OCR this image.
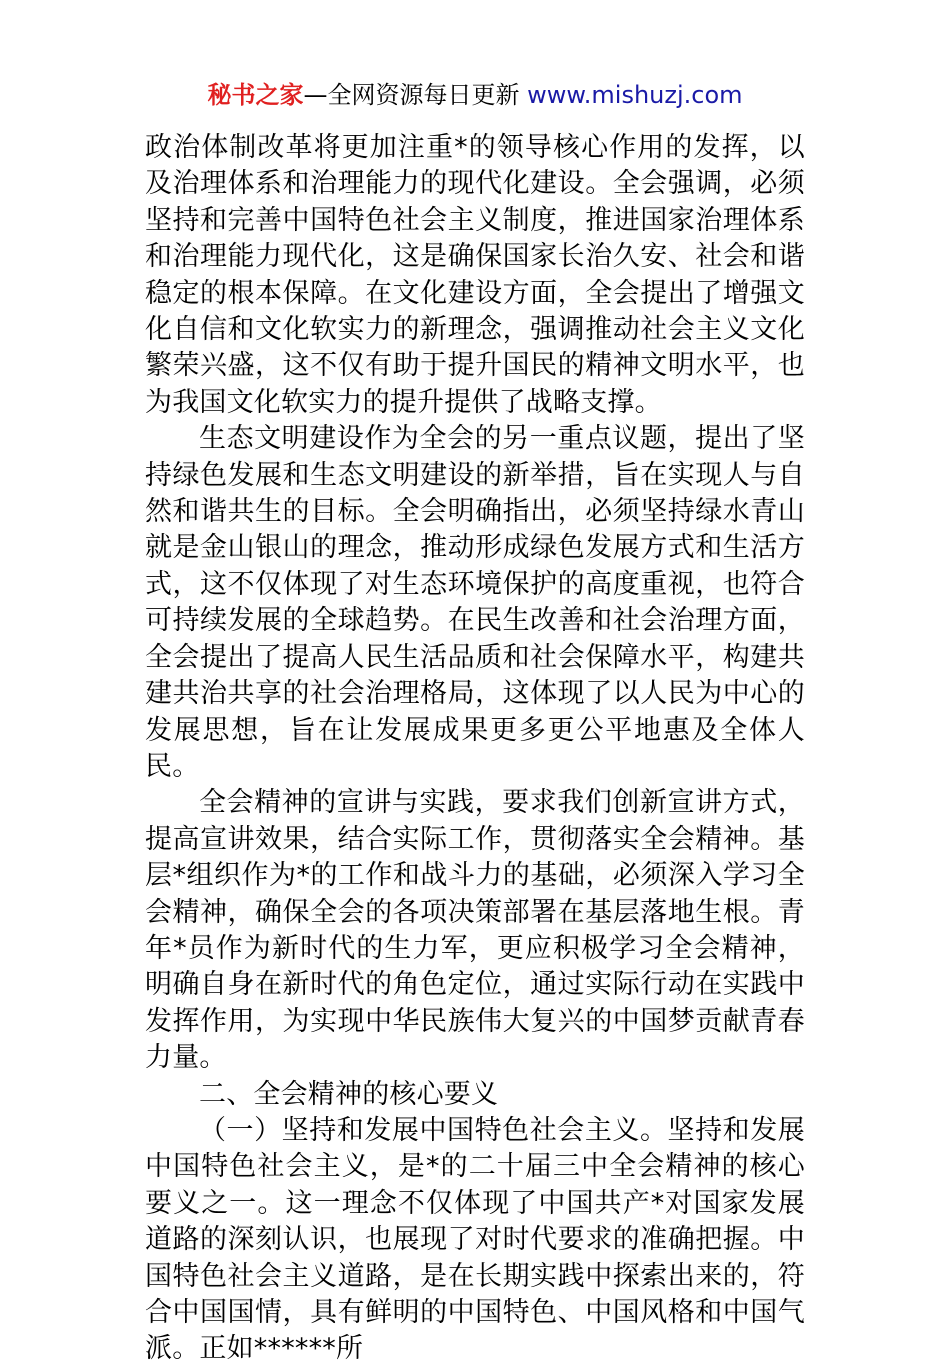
秘书之家—全网资源每日更新 www.mishuzj.com

政治体制改革将更加注重*的领导核心作用的发挥，以及治理体系和治理能力的现代化建设。全会强调，必须坚持和完善中国特色社会主义制度，推进国家治理体系和治理能力现代化，这是确保国家长治久安、社会和谐稳定的根本保障。在文化建设方面，全会提出了增强文化自信和文化软实力的新理念，强调推动社会主义文化繁荣兴盛，这不仅有助于提升国民的精神文明水平，也为我国文化软实力的提升提供了战略支撑。

生态文明建设作为全会的另一重点议题，提出了坚持绿色发展和生态文明建设的新举措，旨在实现人与自然和谐共生的目标。全会明确指出，必须坚持绿水青山就是金山银山的理念，推动形成绿色发展方式和生活方式，这不仅体现了对生态环境保护的高度重视，也符合可持续发展的全球趋势。在民生改善和社会治理方面，全会提出了提高人民生活品质和社会保障水平，构建共建共治共享的社会治理格局，这体现了以人民为中心的发展思想，旨在让发展成果更多更公平地惠及全体人民。

全会精神的宣讲与实践，要求我们创新宣讲方式，提高宣讲效果，结合实际工作，贯彻落实全会精神。基层*组织作为*的工作和战斗力的基础，必须深入学习全会精神，确保全会的各项决策部署在基层落地生根。青年*员作为新时代的生力军，更应积极学习全会精神，明确自身在新时代的角色定位，通过实际行动在实践中发挥作用，为实现中华民族伟大复兴的中国梦贡献青春力量。

二、全会精神的核心要义

（一）坚持和发展中国特色社会主义。坚持和发展中国特色社会主义，是*的二十届三中全会精神的核心要义之一。这一理念不仅体现了中国共产*对国家发展道路的深刻认识，也展现了对时代要求的准确把握。中国特色社会主义道路，是在长期实践中探索出来的，符合中国国情，具有鲜明的中国特色、中国风格和中国气派。正如******所
